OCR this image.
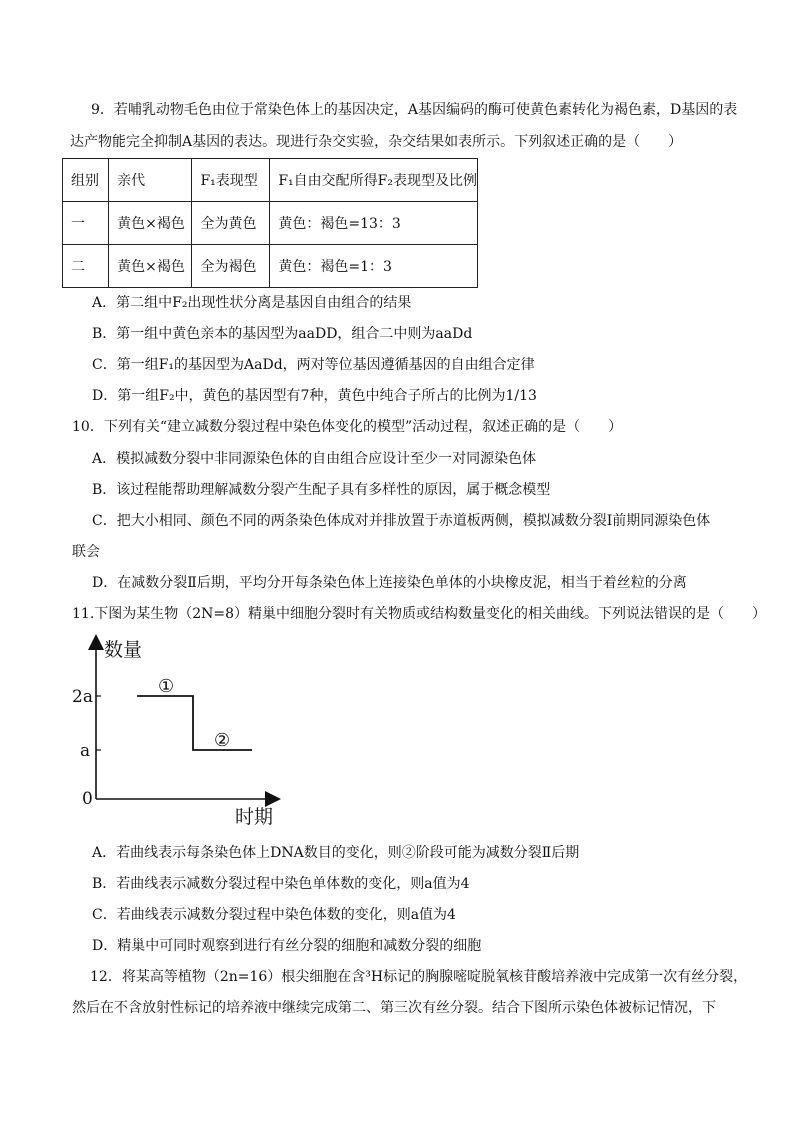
9．若哺乳动物毛色由位于常染色体上的基因决定，A基因编码的酶可使黄色素转化为褐色素，D基因的表
达产物能完全抑制A基因的表达。现进行杂交实验，杂交结果如表所示。下列叙述正确的是（　　）
组别	亲代	F₁表现型	F₁自由交配所得F₂表现型及比例
一	黄色×褐色	全为黄色	黄色：褐色=13：3
二	黄色×褐色	全为褐色	黄色：褐色=1：3
A．第二组中F₂出现性状分离是基因自由组合的结果
B．第一组中黄色亲本的基因型为aaDD，组合二中则为aaDd
C．第一组F₁的基因型为AaDd，两对等位基因遵循基因的自由组合定律
D．第一组F₂中，黄色的基因型有7种，黄色中纯合子所占的比例为1/13
10．下列有关“建立减数分裂过程中染色体变化的模型”活动过程，叙述正确的是（　　）
A．模拟减数分裂中非同源染色体的自由组合应设计至少一对同源染色体
B．该过程能帮助理解减数分裂产生配子具有多样性的原因，属于概念模型
C．把大小相同、颜色不同的两条染色体成对并排放置于赤道板两侧，模拟减数分裂Ⅰ前期同源染色体
联会
D．在减数分裂Ⅱ后期，平均分开每条染色体上连接染色单体的小块橡皮泥，相当于着丝粒的分离
11.下图为某生物（2N=8）精巢中细胞分裂时有关物质或结构数量变化的相关曲线。下列说法错误的是（　　）
数量
时期
2a
a
0
①
②
A．若曲线表示每条染色体上DNA数目的变化，则②阶段可能为减数分裂Ⅱ后期
B．若曲线表示减数分裂过程中染色单体数的变化，则a值为4
C．若曲线表示减数分裂过程中染色体数的变化，则a值为4
D．精巢中可同时观察到进行有丝分裂的细胞和减数分裂的细胞
12．将某高等植物（2n=16）根尖细胞在含³H标记的胸腺嘧啶脱氧核苷酸培养液中完成第一次有丝分裂，
然后在不含放射性标记的培养液中继续完成第二、第三次有丝分裂。结合下图所示染色体被标记情况，下
